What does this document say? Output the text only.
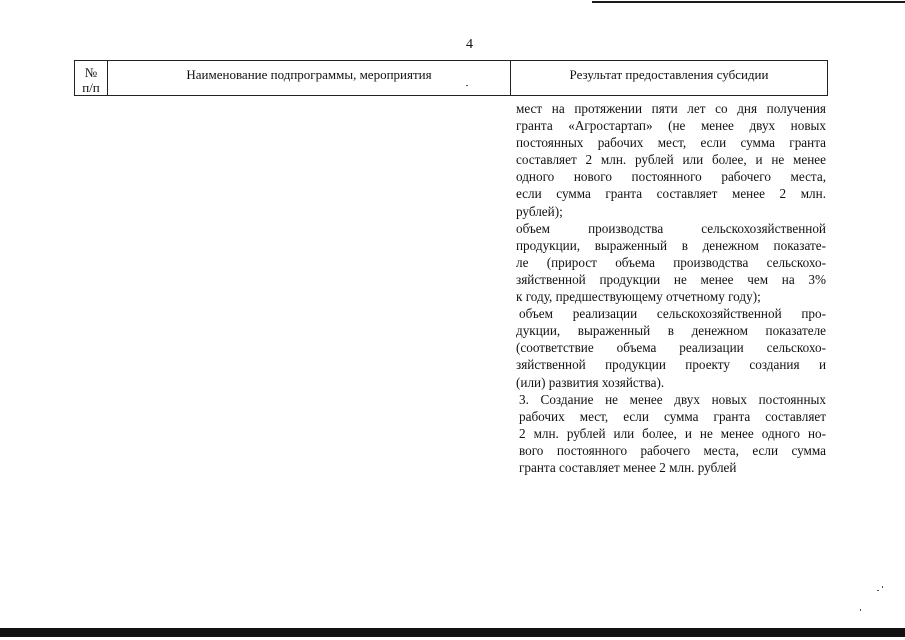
4
№
п/п
Наименование подпрограммы, мероприятия	Результат предоставления субсидии
мест на протяжении пяти лет со дня получения
гранта «Агростартап» (не менее двух новых
постоянных рабочих мест, если сумма гранта
составляет 2 млн. рублей или более, и не менее
одного нового постоянного рабочего места,
если сумма гранта составляет менее 2 млн.
рублей);
объем производства сельскохозяйственной
продукции, выраженный в денежном показате-
ле (прирост объема производства сельскохо-
зяйственной продукции не менее чем на 3%
к году, предшествующему отчетному году);
объем реализации сельскохозяйственной про-
дукции, выраженный в денежном показателе
(соответствие объема реализации сельскохо-
зяйственной продукции проекту создания и
(или) развития хозяйства).
3. Создание не менее двух новых постоянных
рабочих мест, если сумма гранта составляет
2 млн. рублей или более, и не менее одного но-
вого постоянного рабочего места, если сумма
гранта составляет менее 2 млн. рублей
